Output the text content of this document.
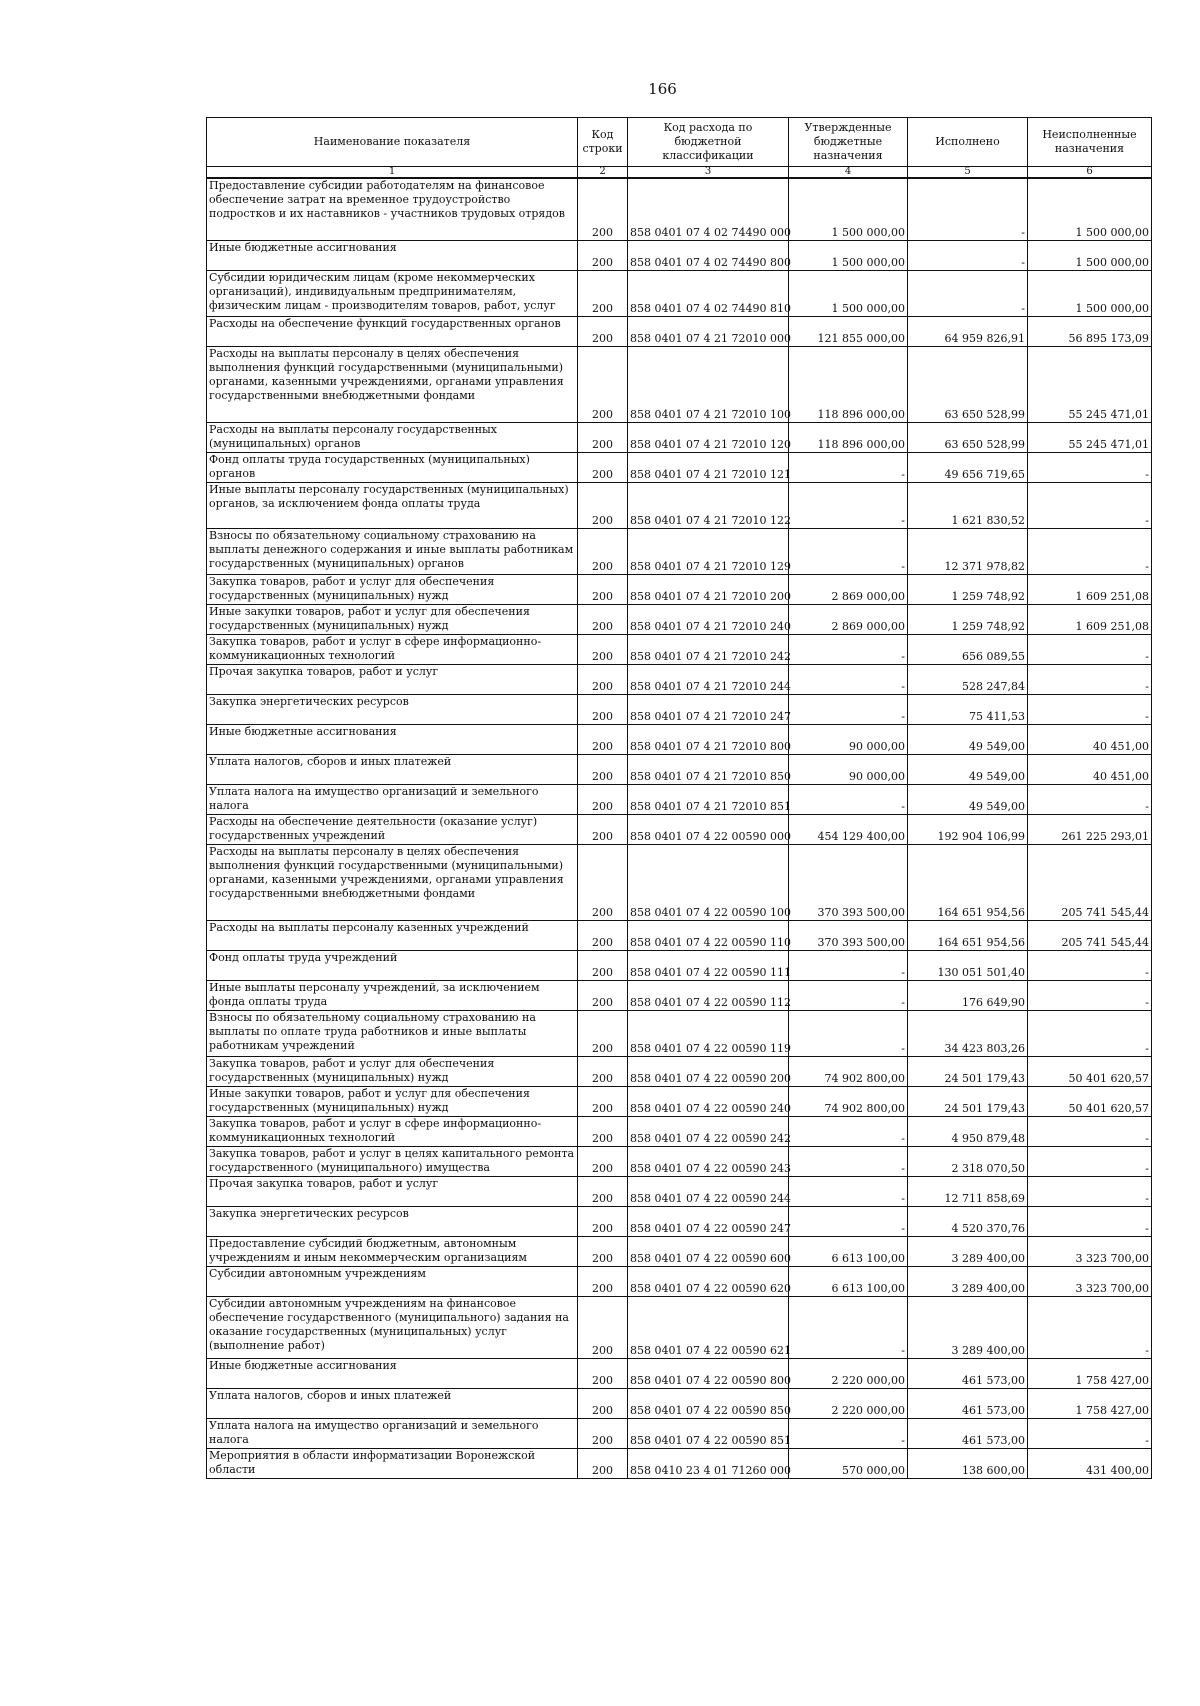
166
Наименование показателя	Код строки	Код расхода по бюджетной классификации	Утвержденные бюджетные назначения	Исполнено	Неисполненные назначения
1	2	3	4	5	6
Предоставление субсидии работодателям на финансовое обеспечение затрат на временное трудоустройство подростков и их наставников - участников трудовых отрядов	200	858 0401 07 4 02 74490 000	1 500 000,00	-	1 500 000,00
Иные бюджетные ассигнования	200	858 0401 07 4 02 74490 800	1 500 000,00	-	1 500 000,00
Субсидии юридическим лицам (кроме некоммерческих организаций), индивидуальным предпринимателям, физическим лицам - производителям товаров, работ, услуг	200	858 0401 07 4 02 74490 810	1 500 000,00	-	1 500 000,00
Расходы на обеспечение функций государственных органов	200	858 0401 07 4 21 72010 000	121 855 000,00	64 959 826,91	56 895 173,09
Расходы на выплаты персоналу в целях обеспечения выполнения функций государственными (муниципальными) органами, казенными учреждениями, органами управления государственными внебюджетными фондами	200	858 0401 07 4 21 72010 100	118 896 000,00	63 650 528,99	55 245 471,01
Расходы на выплаты персоналу государственных (муниципальных) органов	200	858 0401 07 4 21 72010 120	118 896 000,00	63 650 528,99	55 245 471,01
Фонд оплаты труда государственных (муниципальных) органов	200	858 0401 07 4 21 72010 121	-	49 656 719,65	-
Иные выплаты персоналу государственных (муниципальных) органов, за исключением фонда оплаты труда	200	858 0401 07 4 21 72010 122	-	1 621 830,52	-
Взносы по обязательному социальному страхованию на выплаты денежного содержания и иные выплаты работникам государственных (муниципальных) органов	200	858 0401 07 4 21 72010 129	-	12 371 978,82	-
Закупка товаров, работ и услуг для обеспечения государственных (муниципальных) нужд	200	858 0401 07 4 21 72010 200	2 869 000,00	1 259 748,92	1 609 251,08
Иные закупки товаров, работ и услуг для обеспечения государственных (муниципальных) нужд	200	858 0401 07 4 21 72010 240	2 869 000,00	1 259 748,92	1 609 251,08
Закупка товаров, работ и услуг в сфере информационно-коммуникационных технологий	200	858 0401 07 4 21 72010 242	-	656 089,55	-
Прочая закупка товаров, работ и услуг	200	858 0401 07 4 21 72010 244	-	528 247,84	-
Закупка энергетических ресурсов	200	858 0401 07 4 21 72010 247	-	75 411,53	-
Иные бюджетные ассигнования	200	858 0401 07 4 21 72010 800	90 000,00	49 549,00	40 451,00
Уплата налогов, сборов и иных платежей	200	858 0401 07 4 21 72010 850	90 000,00	49 549,00	40 451,00
Уплата налога на имущество организаций и земельного налога	200	858 0401 07 4 21 72010 851	-	49 549,00	-
Расходы на обеспечение деятельности (оказание услуг) государственных учреждений	200	858 0401 07 4 22 00590 000	454 129 400,00	192 904 106,99	261 225 293,01
Расходы на выплаты персоналу в целях обеспечения выполнения функций государственными (муниципальными) органами, казенными учреждениями, органами управления государственными внебюджетными фондами	200	858 0401 07 4 22 00590 100	370 393 500,00	164 651 954,56	205 741 545,44
Расходы на выплаты персоналу казенных учреждений	200	858 0401 07 4 22 00590 110	370 393 500,00	164 651 954,56	205 741 545,44
Фонд оплаты труда учреждений	200	858 0401 07 4 22 00590 111	-	130 051 501,40	-
Иные выплаты персоналу учреждений, за исключением фонда оплаты труда	200	858 0401 07 4 22 00590 112	-	176 649,90	-
Взносы по обязательному социальному страхованию на выплаты по оплате труда работников и иные выплаты работникам учреждений	200	858 0401 07 4 22 00590 119	-	34 423 803,26	-
Закупка товаров, работ и услуг для обеспечения государственных (муниципальных) нужд	200	858 0401 07 4 22 00590 200	74 902 800,00	24 501 179,43	50 401 620,57
Иные закупки товаров, работ и услуг для обеспечения государственных (муниципальных) нужд	200	858 0401 07 4 22 00590 240	74 902 800,00	24 501 179,43	50 401 620,57
Закупка товаров, работ и услуг в сфере информационно-коммуникационных технологий	200	858 0401 07 4 22 00590 242	-	4 950 879,48	-
Закупка товаров, работ и услуг в целях капитального ремонта государственного (муниципального) имущества	200	858 0401 07 4 22 00590 243	-	2 318 070,50	-
Прочая закупка товаров, работ и услуг	200	858 0401 07 4 22 00590 244	-	12 711 858,69	-
Закупка энергетических ресурсов	200	858 0401 07 4 22 00590 247	-	4 520 370,76	-
Предоставление субсидий бюджетным, автономным учреждениям и иным некоммерческим организациям	200	858 0401 07 4 22 00590 600	6 613 100,00	3 289 400,00	3 323 700,00
Субсидии автономным учреждениям	200	858 0401 07 4 22 00590 620	6 613 100,00	3 289 400,00	3 323 700,00
Субсидии автономным учреждениям на финансовое обеспечение государственного (муниципального) задания на оказание государственных (муниципальных) услуг (выполнение работ)	200	858 0401 07 4 22 00590 621	-	3 289 400,00	-
Иные бюджетные ассигнования	200	858 0401 07 4 22 00590 800	2 220 000,00	461 573,00	1 758 427,00
Уплата налогов, сборов и иных платежей	200	858 0401 07 4 22 00590 850	2 220 000,00	461 573,00	1 758 427,00
Уплата налога на имущество организаций и земельного налога	200	858 0401 07 4 22 00590 851	-	461 573,00	-
Мероприятия в области информатизации Воронежской области	200	858 0410 23 4 01 71260 000	570 000,00	138 600,00	431 400,00
